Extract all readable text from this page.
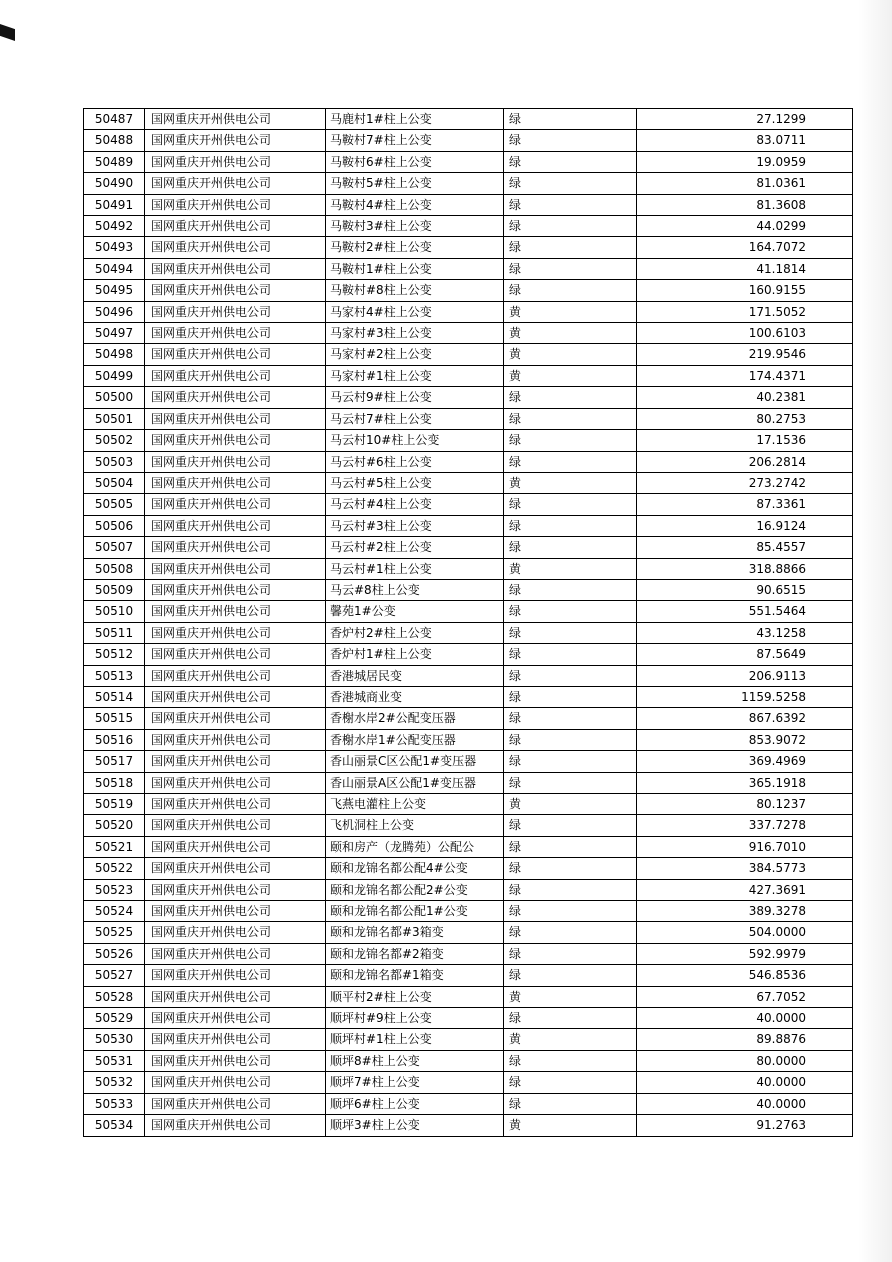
50487	国网重庆开州供电公司	马鹿村1#柱上公变	绿	27.1299
50488	国网重庆开州供电公司	马鞍村7#柱上公变	绿	83.0711
50489	国网重庆开州供电公司	马鞍村6#柱上公变	绿	19.0959
50490	国网重庆开州供电公司	马鞍村5#柱上公变	绿	81.0361
50491	国网重庆开州供电公司	马鞍村4#柱上公变	绿	81.3608
50492	国网重庆开州供电公司	马鞍村3#柱上公变	绿	44.0299
50493	国网重庆开州供电公司	马鞍村2#柱上公变	绿	164.7072
50494	国网重庆开州供电公司	马鞍村1#柱上公变	绿	41.1814
50495	国网重庆开州供电公司	马鞍村#8柱上公变	绿	160.9155
50496	国网重庆开州供电公司	马家村4#柱上公变	黄	171.5052
50497	国网重庆开州供电公司	马家村#3柱上公变	黄	100.6103
50498	国网重庆开州供电公司	马家村#2柱上公变	黄	219.9546
50499	国网重庆开州供电公司	马家村#1柱上公变	黄	174.4371
50500	国网重庆开州供电公司	马云村9#柱上公变	绿	40.2381
50501	国网重庆开州供电公司	马云村7#柱上公变	绿	80.2753
50502	国网重庆开州供电公司	马云村10#柱上公变	绿	17.1536
50503	国网重庆开州供电公司	马云村#6柱上公变	绿	206.2814
50504	国网重庆开州供电公司	马云村#5柱上公变	黄	273.2742
50505	国网重庆开州供电公司	马云村#4柱上公变	绿	87.3361
50506	国网重庆开州供电公司	马云村#3柱上公变	绿	16.9124
50507	国网重庆开州供电公司	马云村#2柱上公变	绿	85.4557
50508	国网重庆开州供电公司	马云村#1柱上公变	黄	318.8866
50509	国网重庆开州供电公司	马云#8柱上公变	绿	90.6515
50510	国网重庆开州供电公司	馨苑1#公变	绿	551.5464
50511	国网重庆开州供电公司	香炉村2#柱上公变	绿	43.1258
50512	国网重庆开州供电公司	香炉村1#柱上公变	绿	87.5649
50513	国网重庆开州供电公司	香港城居民变	绿	206.9113
50514	国网重庆开州供电公司	香港城商业变	绿	1159.5258
50515	国网重庆开州供电公司	香榭水岸2#公配变压器	绿	867.6392
50516	国网重庆开州供电公司	香榭水岸1#公配变压器	绿	853.9072
50517	国网重庆开州供电公司	香山丽景C区公配1#变压器	绿	369.4969
50518	国网重庆开州供电公司	香山丽景A区公配1#变压器	绿	365.1918
50519	国网重庆开州供电公司	飞燕电灌柱上公变	黄	80.1237
50520	国网重庆开州供电公司	飞机洞柱上公变	绿	337.7278
50521	国网重庆开州供电公司	颐和房产（龙腾苑）公配公	绿	916.7010
50522	国网重庆开州供电公司	颐和龙锦名都公配4#公变	绿	384.5773
50523	国网重庆开州供电公司	颐和龙锦名都公配2#公变	绿	427.3691
50524	国网重庆开州供电公司	颐和龙锦名都公配1#公变	绿	389.3278
50525	国网重庆开州供电公司	颐和龙锦名都#3箱变	绿	504.0000
50526	国网重庆开州供电公司	颐和龙锦名都#2箱变	绿	592.9979
50527	国网重庆开州供电公司	颐和龙锦名都#1箱变	绿	546.8536
50528	国网重庆开州供电公司	顺平村2#柱上公变	黄	67.7052
50529	国网重庆开州供电公司	顺坪村#9柱上公变	绿	40.0000
50530	国网重庆开州供电公司	顺坪村#1柱上公变	黄	89.8876
50531	国网重庆开州供电公司	顺坪8#柱上公变	绿	80.0000
50532	国网重庆开州供电公司	顺坪7#柱上公变	绿	40.0000
50533	国网重庆开州供电公司	顺坪6#柱上公变	绿	40.0000
50534	国网重庆开州供电公司	顺坪3#柱上公变	黄	91.2763
